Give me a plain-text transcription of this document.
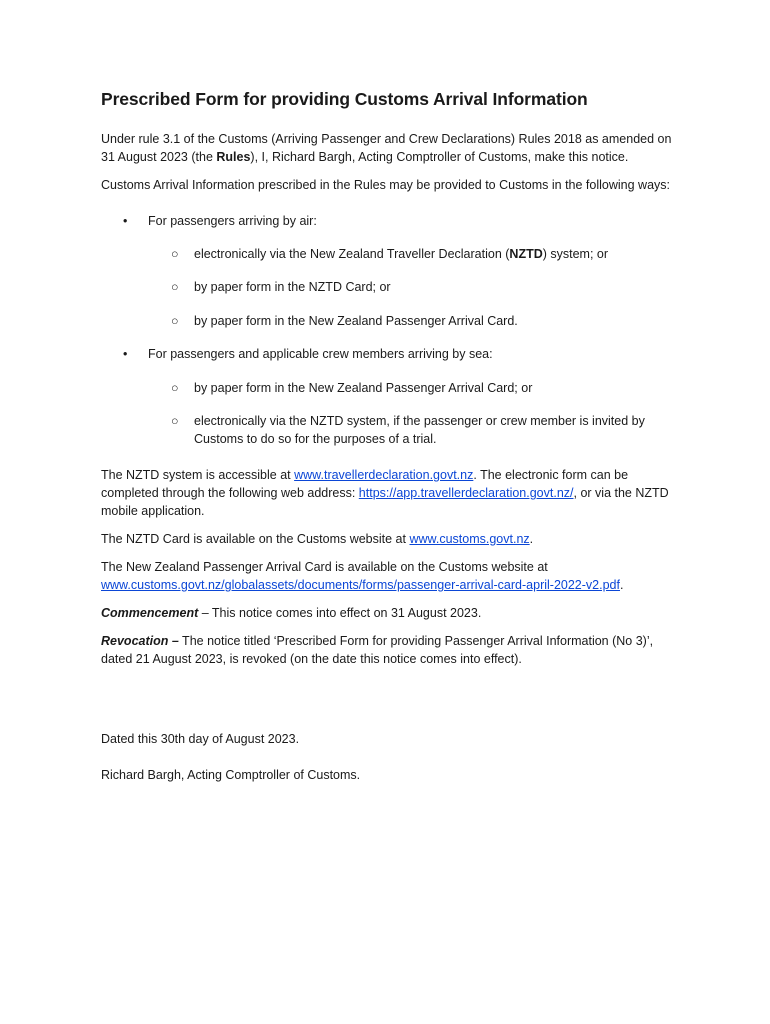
Prescribed Form for providing Customs Arrival Information

Under rule 3.1 of the Customs (Arriving Passenger and Crew Declarations) Rules 2018 as amended on 31 August 2023 (the Rules), I, Richard Bargh, Acting Comptroller of Customs, make this notice.

Customs Arrival Information prescribed in the Rules may be provided to Customs in the following ways:

• For passengers arriving by air:
○ electronically via the New Zealand Traveller Declaration (NZTD) system; or
○ by paper form in the NZTD Card; or
○ by paper form in the New Zealand Passenger Arrival Card.
• For passengers and applicable crew members arriving by sea:
○ by paper form in the New Zealand Passenger Arrival Card; or
○ electronically via the NZTD system, if the passenger or crew member is invited by Customs to do so for the purposes of a trial.

The NZTD system is accessible at www.travellerdeclaration.govt.nz. The electronic form can be completed through the following web address: https://app.travellerdeclaration.govt.nz/, or via the NZTD mobile application.

The NZTD Card is available on the Customs website at www.customs.govt.nz.

The New Zealand Passenger Arrival Card is available on the Customs website at www.customs.govt.nz/globalassets/documents/forms/passenger-arrival-card-april-2022-v2.pdf.

Commencement – This notice comes into effect on 31 August 2023.

Revocation – The notice titled ‘Prescribed Form for providing Passenger Arrival Information (No 3)’, dated 21 August 2023, is revoked (on the date this notice comes into effect).

Dated this 30th day of August 2023.

Richard Bargh, Acting Comptroller of Customs.
